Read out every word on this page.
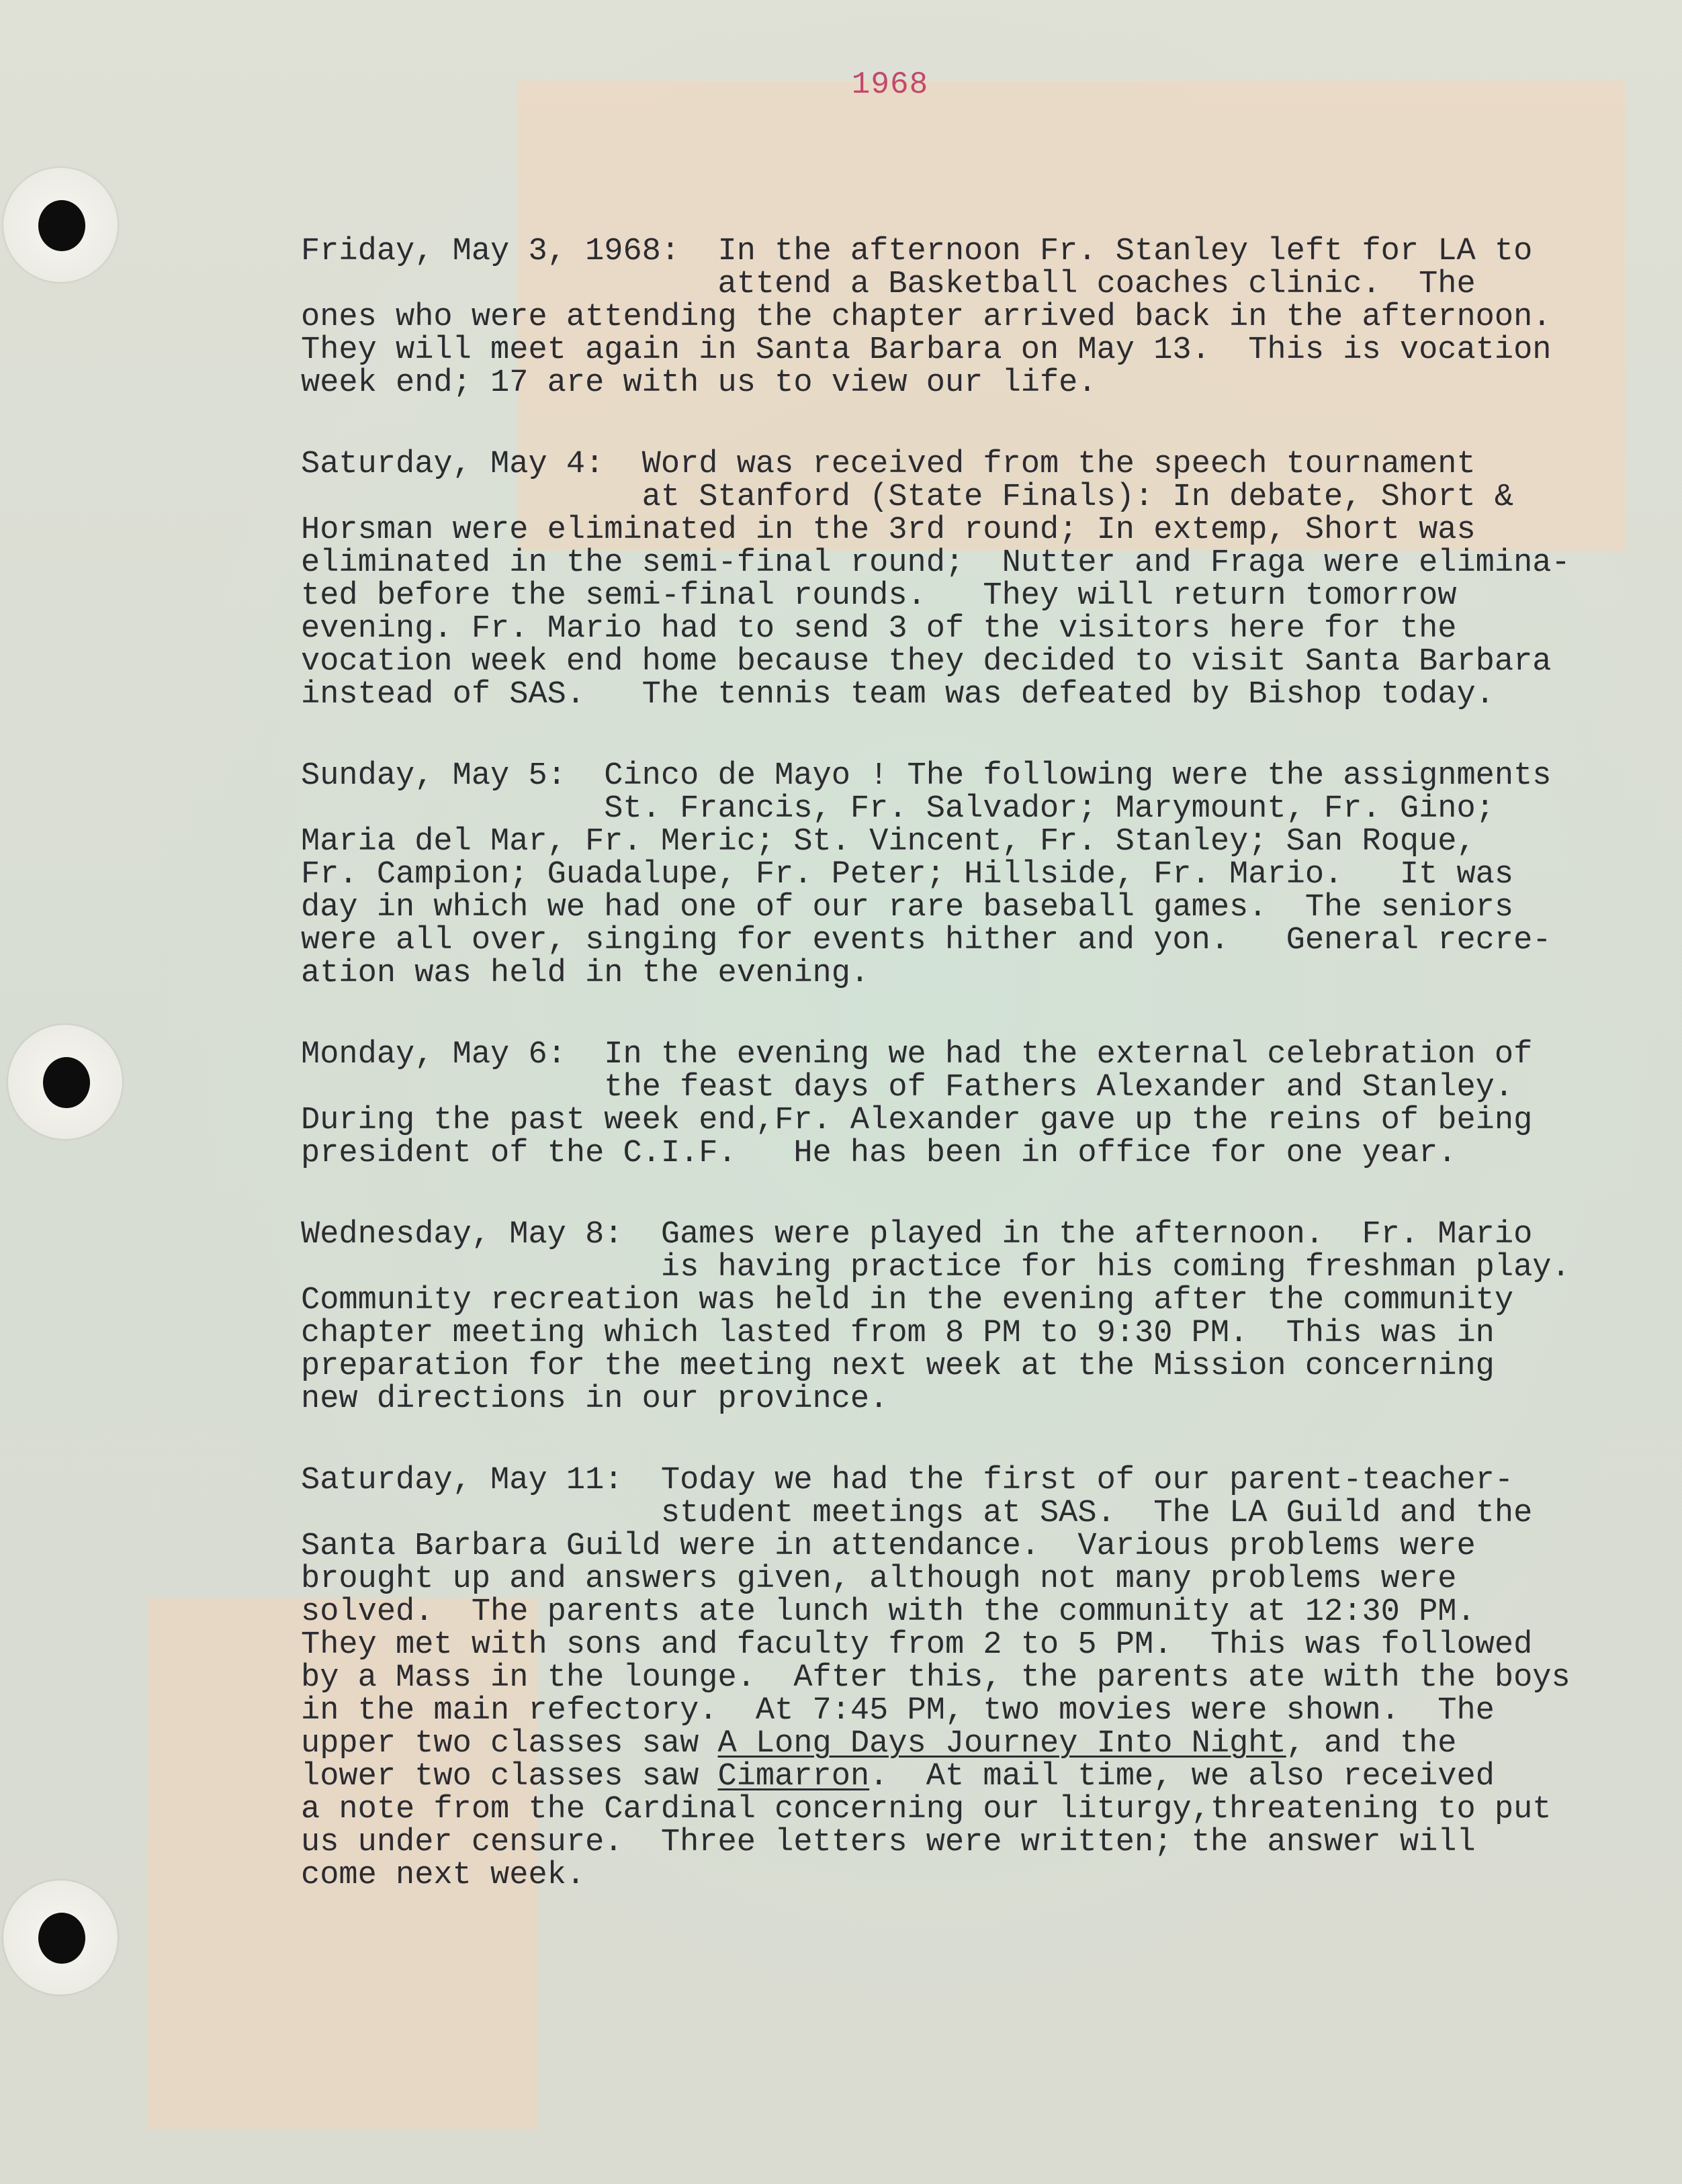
1968
Friday, May 3, 1968:  In the afternoon Fr. Stanley left for LA to
attend a Basketball coaches clinic.  The
ones who were attending the chapter arrived back in the afternoon.
They will meet again in Santa Barbara on May 13.  This is vocation
week end; 17 are with us to view our life.
Saturday, May 4:  Word was received from the speech tournament
at Stanford (State Finals): In debate, Short &
Horsman were eliminated in the 3rd round; In extemp, Short was
eliminated in the semi-final round;  Nutter and Fraga were elimina-
ted before the semi-final rounds.   They will return tomorrow
evening. Fr. Mario had to send 3 of the visitors here for the
vocation week end home because they decided to visit Santa Barbara
instead of SAS.   The tennis team was defeated by Bishop today.
Sunday, May 5:  Cinco de Mayo ! The following were the assignments
St. Francis, Fr. Salvador; Marymount, Fr. Gino;
Maria del Mar, Fr. Meric; St. Vincent, Fr. Stanley; San Roque,
Fr. Campion; Guadalupe, Fr. Peter; Hillside, Fr. Mario.   It was
day in which we had one of our rare baseball games.  The seniors
were all over, singing for events hither and yon.   General recre-
ation was held in the evening.
Monday, May 6:  In the evening we had the external celebration of
the feast days of Fathers Alexander and Stanley.
During the past week end,Fr. Alexander gave up the reins of being
president of the C.I.F.   He has been in office for one year.
Wednesday, May 8:  Games were played in the afternoon.  Fr. Mario
is having practice for his coming freshman play.
Community recreation was held in the evening after the community
chapter meeting which lasted from 8 PM to 9:30 PM.  This was in
preparation for the meeting next week at the Mission concerning
new directions in our province.
Saturday, May 11:  Today we had the first of our parent-teacher-
student meetings at SAS.  The LA Guild and the
Santa Barbara Guild were in attendance.  Various problems were
brought up and answers given, although not many problems were
solved.  The parents ate lunch with the community at 12:30 PM.
They met with sons and faculty from 2 to 5 PM.  This was followed
by a Mass in the lounge.  After this, the parents ate with the boys
in the main refectory.  At 7:45 PM, two movies were shown.  The
upper two classes saw A Long Days Journey Into Night, and the
lower two classes saw Cimarron.  At mail time, we also received
a note from the Cardinal concerning our liturgy,threatening to put
us under censure.  Three letters were written; the answer will
come next week.
